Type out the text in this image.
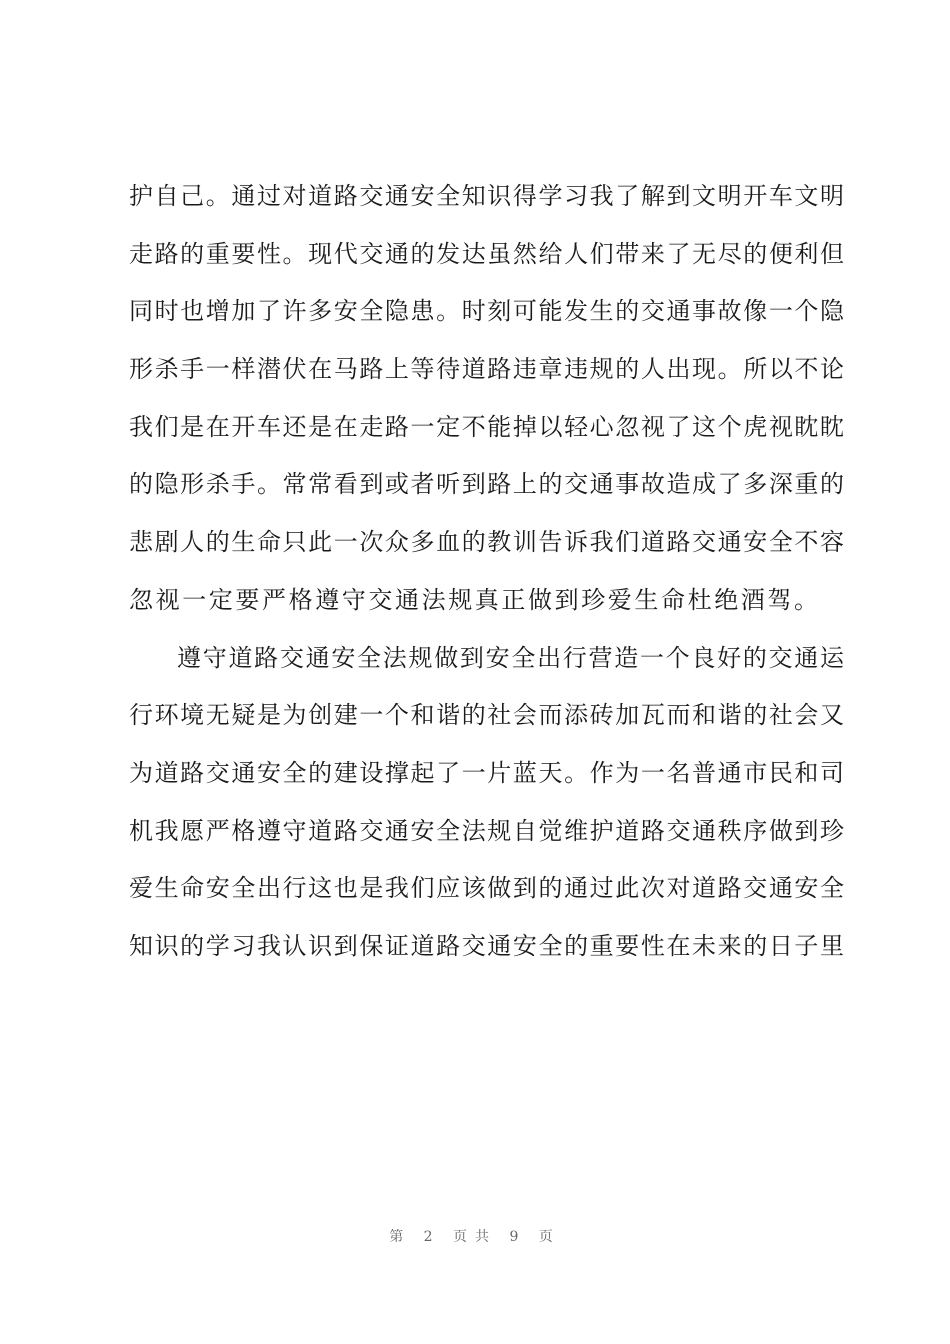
护自己。通过对道路交通安全知识得学习我了解到文明开车文明
走路的重要性。现代交通的发达虽然给人们带来了无尽的便利但
同时也增加了许多安全隐患。时刻可能发生的交通事故像一个隐
形杀手一样潜伏在马路上等待道路违章违规的人出现。所以不论
我们是在开车还是在走路一定不能掉以轻心忽视了这个虎视眈眈
的隐形杀手。常常看到或者听到路上的交通事故造成了多深重的
悲剧人的生命只此一次众多血的教训告诉我们道路交通安全不容
忽视一定要严格遵守交通法规真正做到珍爱生命杜绝酒驾。
遵守道路交通安全法规做到安全出行营造一个良好的交通运
行环境无疑是为创建一个和谐的社会而添砖加瓦而和谐的社会又
为道路交通安全的建设撑起了一片蓝天。作为一名普通市民和司
机我愿严格遵守道路交通安全法规自觉维护道路交通秩序做到珍
爱生命安全出行这也是我们应该做到的通过此次对道路交通安全
知识的学习我认识到保证道路交通安全的重要性在未来的日子里
第 2 页共 9 页
